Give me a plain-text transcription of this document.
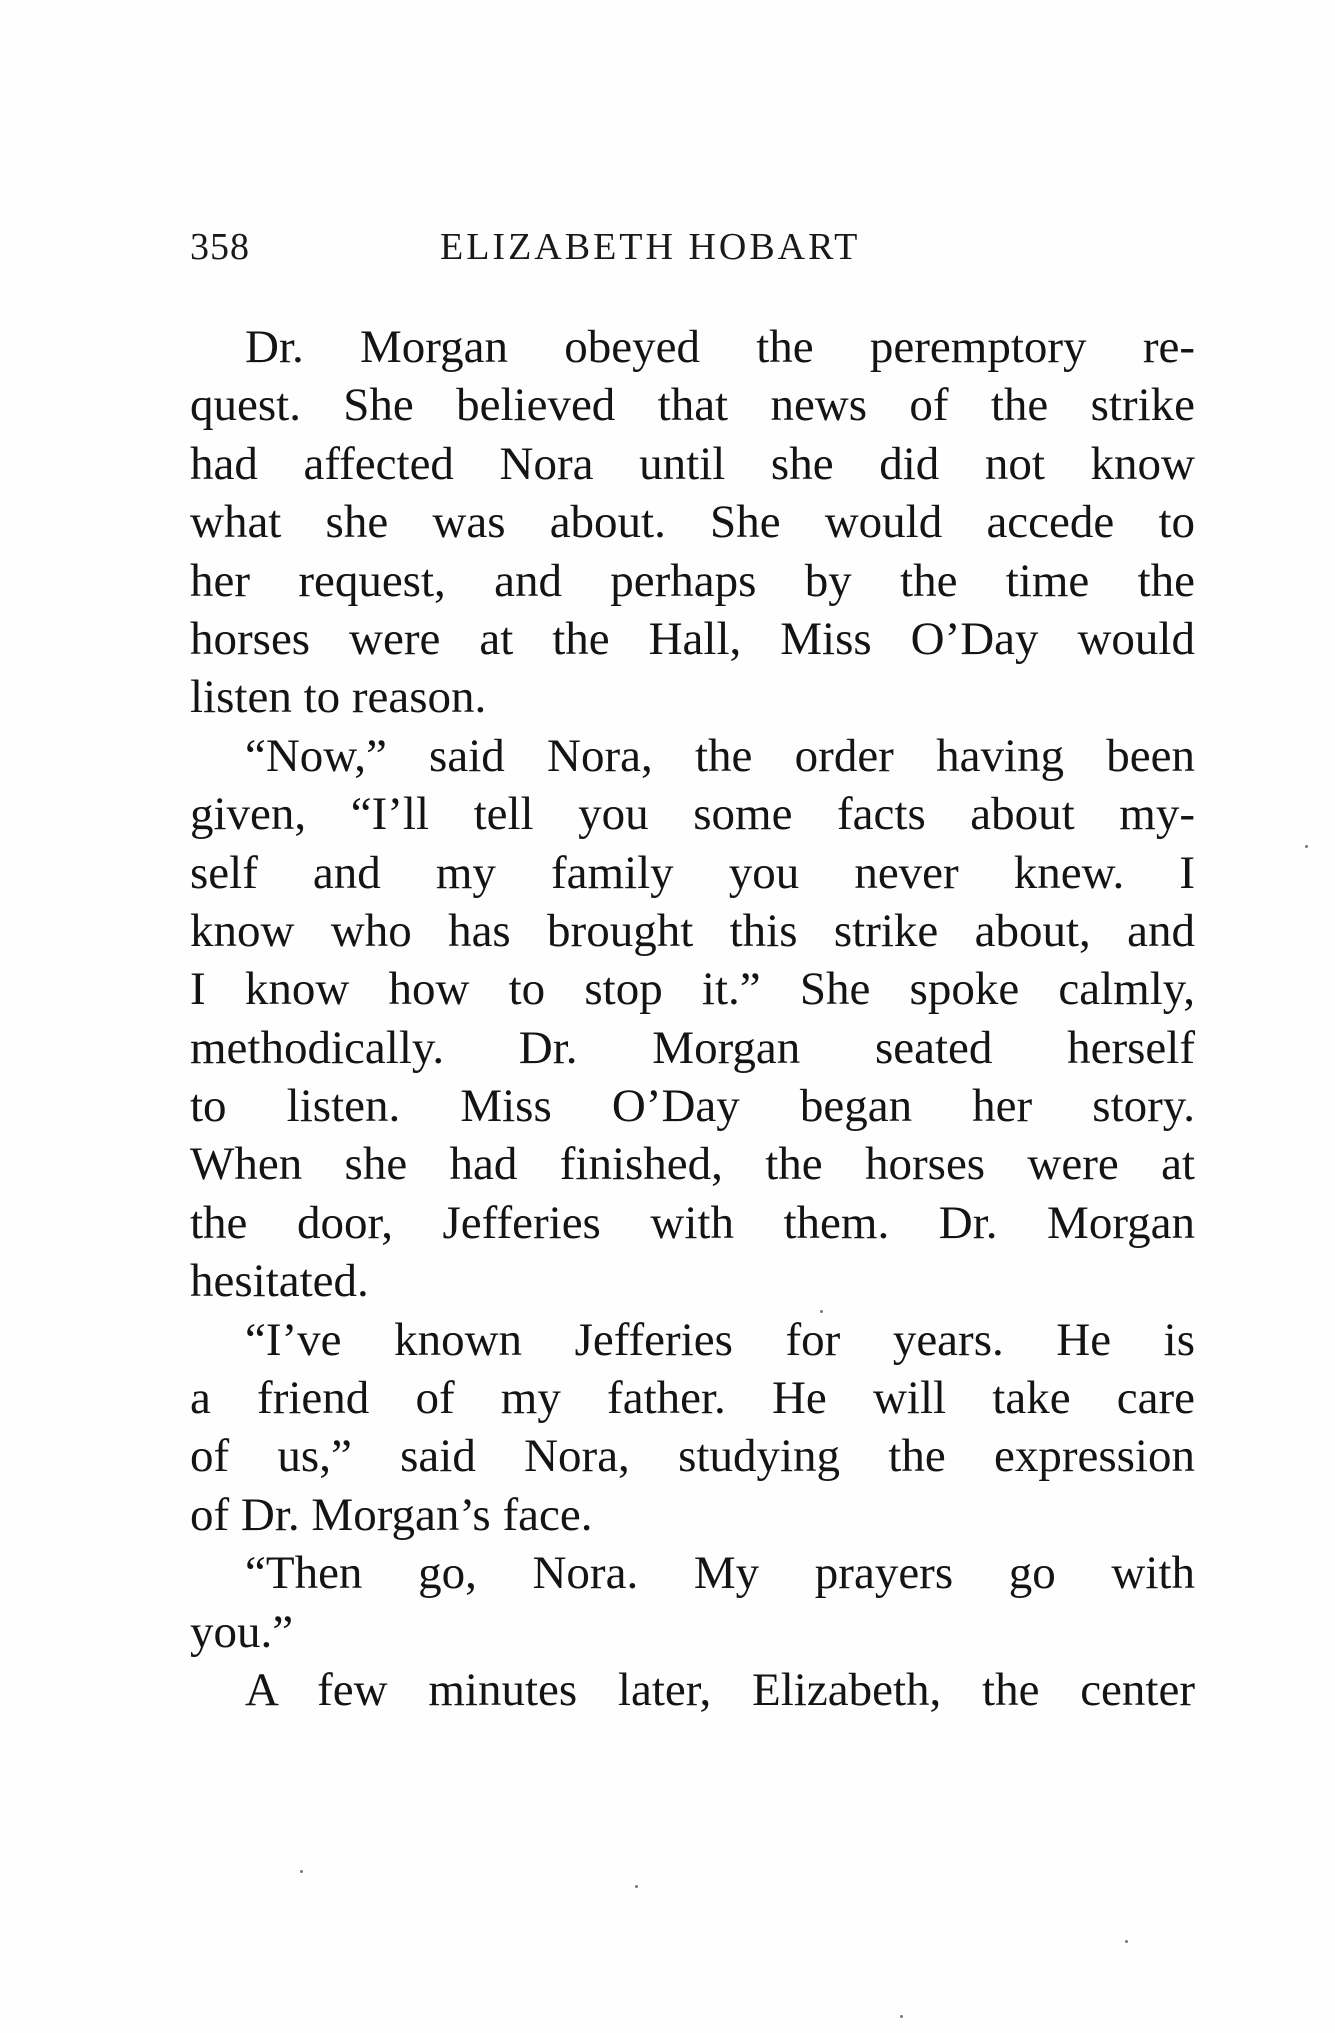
358	ELIZABETH HOBART
Dr. Morgan obeyed the peremptory re-
quest. She believed that news of the strike
had affected Nora until she did not know
what she was about. She would accede to
her request, and perhaps by the time the
horses were at the Hall, Miss O’Day would
listen to reason.
“Now,” said Nora, the order having been
given, “I’ll tell you some facts about my-
self and my family you never knew. I
know who has brought this strike about, and
I know how to stop it.” She spoke calmly,
methodically. Dr. Morgan seated herself
to listen. Miss O’Day began her story.
When she had finished, the horses were at
the door, Jefferies with them. Dr. Morgan
hesitated.
“I’ve known Jefferies for years. He is
a friend of my father. He will take care
of us,” said Nora, studying the expression
of Dr. Morgan’s face.
“Then go, Nora. My prayers go with
you.”
A few minutes later, Elizabeth, the center
